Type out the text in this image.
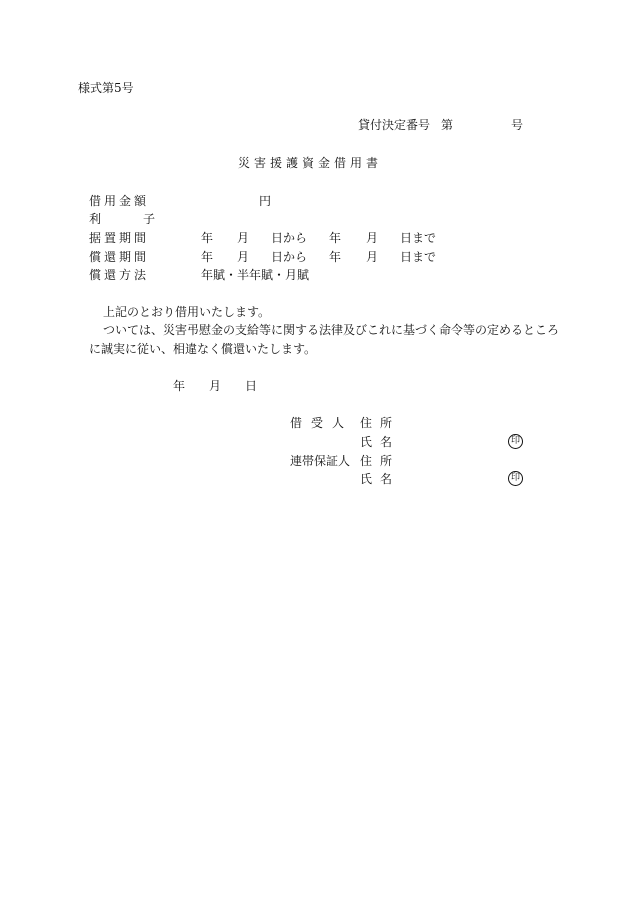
様式第5号
貸付決定番号 第	号
災害援護資金借用書
借用金額	円
利	子
据置期間	年 月 日から 年 月 日まで
償還期間	年 月 日から 年 月 日まで
償還方法	年賦・半年賦・月賦
上記のとおり借用いたします。
ついては、災害弔慰金の支給等に関する法律及びこれに基づく命令等の定めるところ
に誠実に従い、相違なく償還いたします。
年 月 日
借受人 住所
氏名	印
連帯保証人 住所
氏名	印
